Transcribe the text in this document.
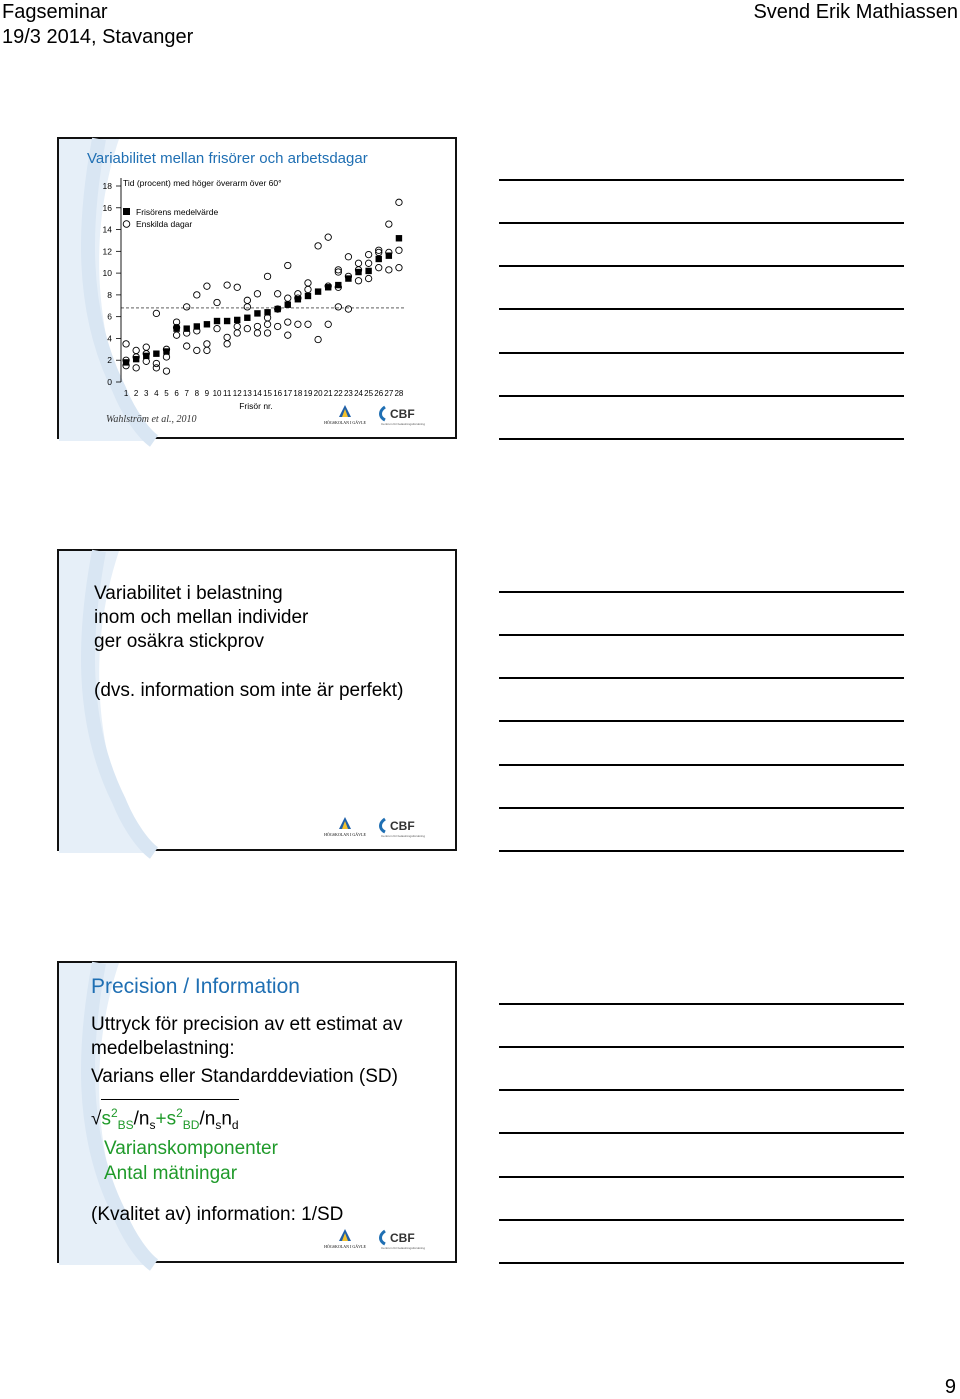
Fagseminar
19/3 2014, Stavanger
Svend Erik Mathiassen
Variabilitet mellan frisörer och arbetsdagar
0
2
4
6
8
10
12
14
16
18
1 2 3 4 5 6 7 8 9 10 11 12 13 14 15 16 17 18 19 20 21 22 23 24 25 26 27 28
Tid (procent) med höger överarm över 60°
Frisör nr.
Frisörens medelvärde
Enskilda dagar
Wahlström et al., 2010	HÖGSKOLAN I GÄVLE
CBF
Centrum för belastningsforskning
Variabilitet i belastning
inom och mellan individer
ger osäkra stickprov
(dvs. information som inte är perfekt)
HÖGSKOLAN I GÄVLE
CBF
Centrum för belastningsforskning
Precision / Information
Uttryck för precision av ett estimat av
medelbelastning:
Varians eller Standarddeviation (SD)
$√s^2_{BS}/n_s+s^2_{BD}/n_sn_d$
Varianskomponenter
Antal mätningar
(Kvalitet av) information: 1/SD
HÖGSKOLAN I GÄVLE
CBF
Centrum för belastningsforskning
9
